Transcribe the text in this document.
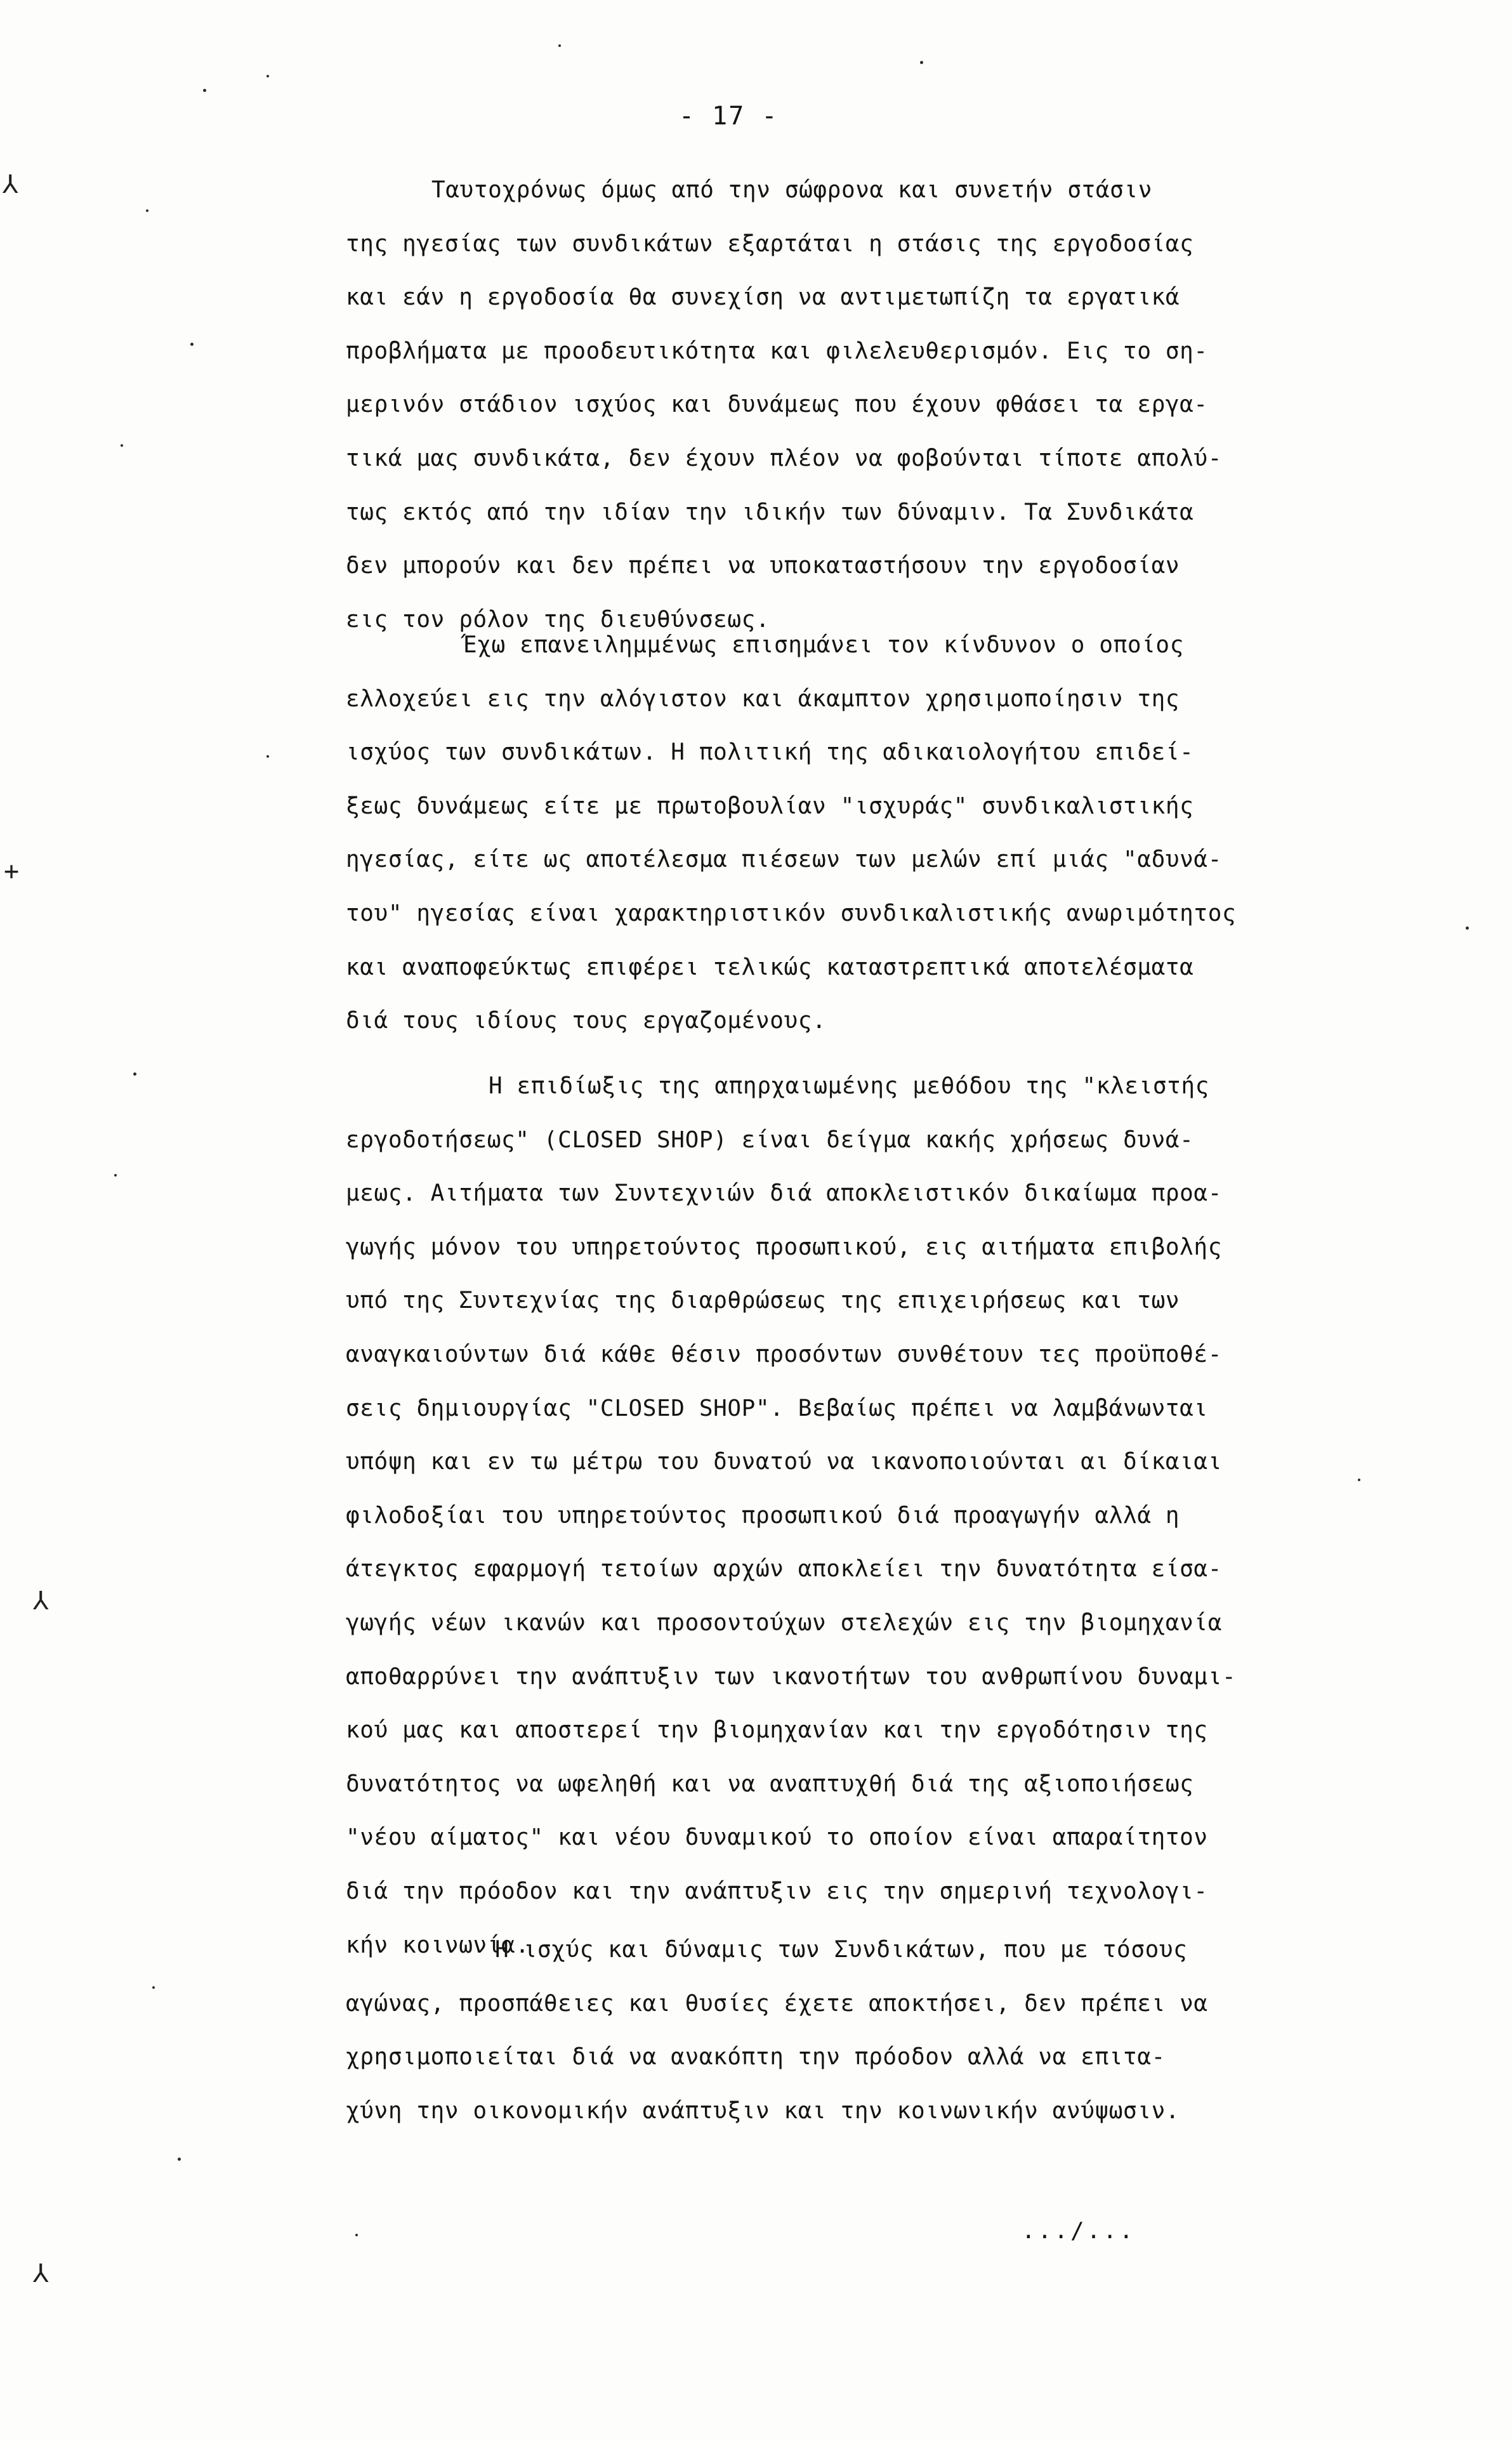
- 17 -
Ταυτοχρόνως όμως από την σώφρονα και συνετήν στάσιν
της ηγεσίας των συνδικάτων εξαρτάται η στάσις της εργοδοσίας
και εάν η εργοδοσία θα συνεχίση να αντιμετωπίζη τα εργατικά
προβλήματα με προοδευτικότητα και φιλελευθερισμόν. Εις το ση-
μερινόν στάδιον ισχύος και δυνάμεως που έχουν φθάσει τα εργα-
τικά μας συνδικάτα, δεν έχουν πλέον να φοβούνται τίποτε απολύ-
τως εκτός από την ιδίαν την ιδικήν των δύναμιν. Τα Συνδικάτα
δεν μπορούν και δεν πρέπει να υποκαταστήσουν την εργοδοσίαν
εις τον ρόλον της διευθύνσεως.
Έχω επανειλημμένως επισημάνει τον κίνδυνον ο οποίος
ελλοχεύει εις την αλόγιστον και άκαμπτον χρησιμοποίησιν της
ισχύος των συνδικάτων. Η πολιτική της αδικαιολογήτου επιδεί-
ξεως δυνάμεως είτε με πρωτοβουλίαν "ισχυράς" συνδικαλιστικής
ηγεσίας, είτε ως αποτέλεσμα πιέσεων των μελών επί μιάς "αδυνά-
του" ηγεσίας είναι χαρακτηριστικόν συνδικαλιστικής ανωριμότητος
και αναποφεύκτως επιφέρει τελικώς καταστρεπτικά αποτελέσματα
διά τους ιδίους τους εργαζομένους.
Η επιδίωξις της απηρχαιωμένης μεθόδου της "κλειστής
εργοδοτήσεως" (CLOSED SHOP) είναι δείγμα κακής χρήσεως δυνά-
μεως. Αιτήματα των Συντεχνιών διά αποκλειστικόν δικαίωμα προα-
γωγής μόνον του υπηρετούντος προσωπικού, εις αιτήματα επιβολής
υπό της Συντεχνίας της διαρθρώσεως της επιχειρήσεως και των
αναγκαιούντων διά κάθε θέσιν προσόντων συνθέτουν τες προϋποθέ-
σεις δημιουργίας "CLOSED SHOP". Βεβαίως πρέπει να λαμβάνωνται
υπόψη και εν τω μέτρω του δυνατού να ικανοποιούνται αι δίκαιαι
φιλοδοξίαι του υπηρετούντος προσωπικού διά προαγωγήν αλλά η
άτεγκτος εφαρμογή τετοίων αρχών αποκλείει την δυνατότητα είσα-
γωγής νέων ικανών και προσοντούχων στελεχών εις την βιομηχανία
αποθαρρύνει την ανάπτυξιν των ικανοτήτων του ανθρωπίνου δυναμι-
κού μας και αποστερεί την βιομηχανίαν και την εργοδότησιν της
δυνατότητος να ωφεληθή και να αναπτυχθή διά της αξιοποιήσεως
"νέου αίματος" και νέου δυναμικού το οποίον είναι απαραίτητον
διά την πρόοδον και την ανάπτυξιν εις την σημερινή τεχνολογι-
κήν κοινωνία.
Η ισχύς και δύναμις των Συνδικάτων, που με τόσους
αγώνας, προσπάθειες και θυσίες έχετε αποκτήσει, δεν πρέπει να
χρησιμοποιείται διά να ανακόπτη την πρόοδον αλλά να επιτα-
χύνη την οικονομικήν ανάπτυξιν και την κοινωνικήν ανύψωσιν.
.../...
⅄
+
⅄
⅄
